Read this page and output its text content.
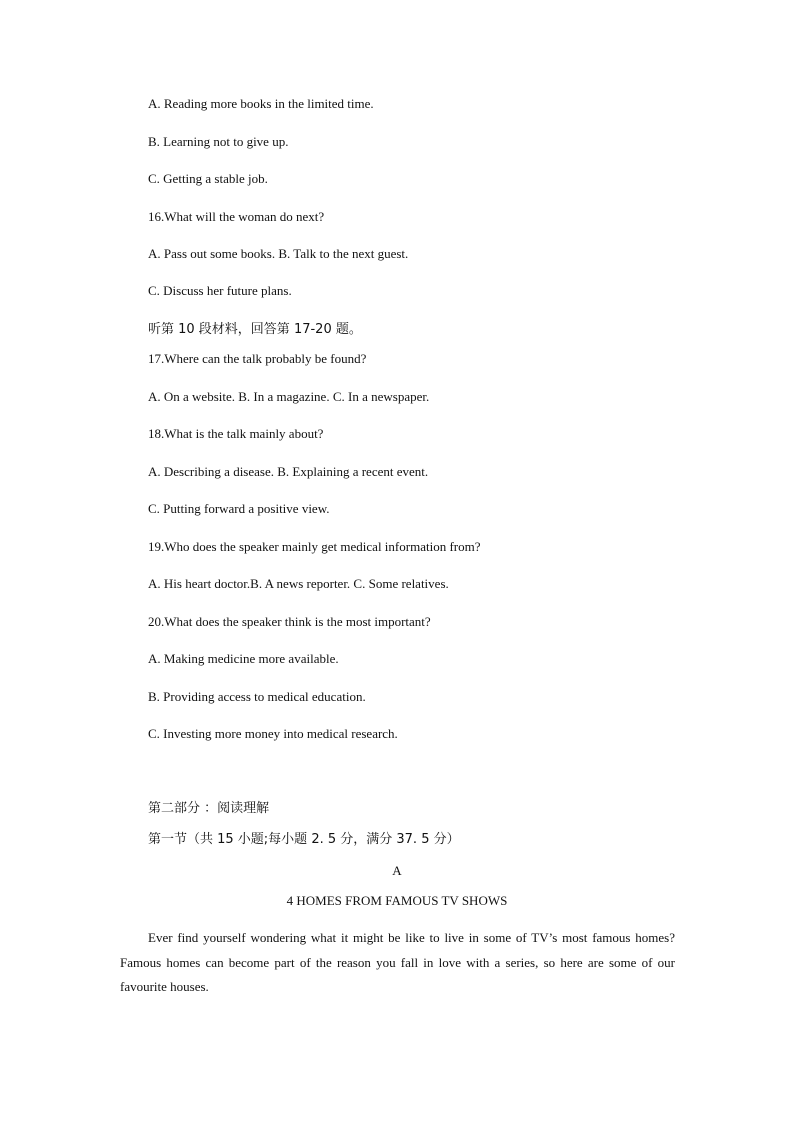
A. Reading more books in the limited time.
B. Learning not to give up.
C. Getting a stable job.
16.What will the woman do next?
A. Pass out some books. B. Talk to the next guest.
C. Discuss her future plans.
听第 10 段材料，回答第 17-20 题。
17.Where can the talk probably be found?
A. On a website. B. In a magazine. C. In a newspaper.
18.What is the talk mainly about?
A. Describing a disease. B. Explaining a recent event.
C. Putting forward a positive view.
19.Who does the speaker mainly get medical information from?
A. His heart doctor.B. A news reporter. C. Some relatives.
20.What does the speaker think is the most important?
A. Making medicine more available.
B. Providing access to medical education.
C. Investing more money into medical research.
第二部分 ：阅读理解
第一节（共 15 小题;每小题 2. 5 分，满分 37. 5 分）
A
4 HOMES FROM FAMOUS TV SHOWS
Ever find yourself wondering what it might be like to live in some of TV’s most famous homes? Famous homes can become part of the reason you fall in love with a series, so here are some of our favourite houses.
